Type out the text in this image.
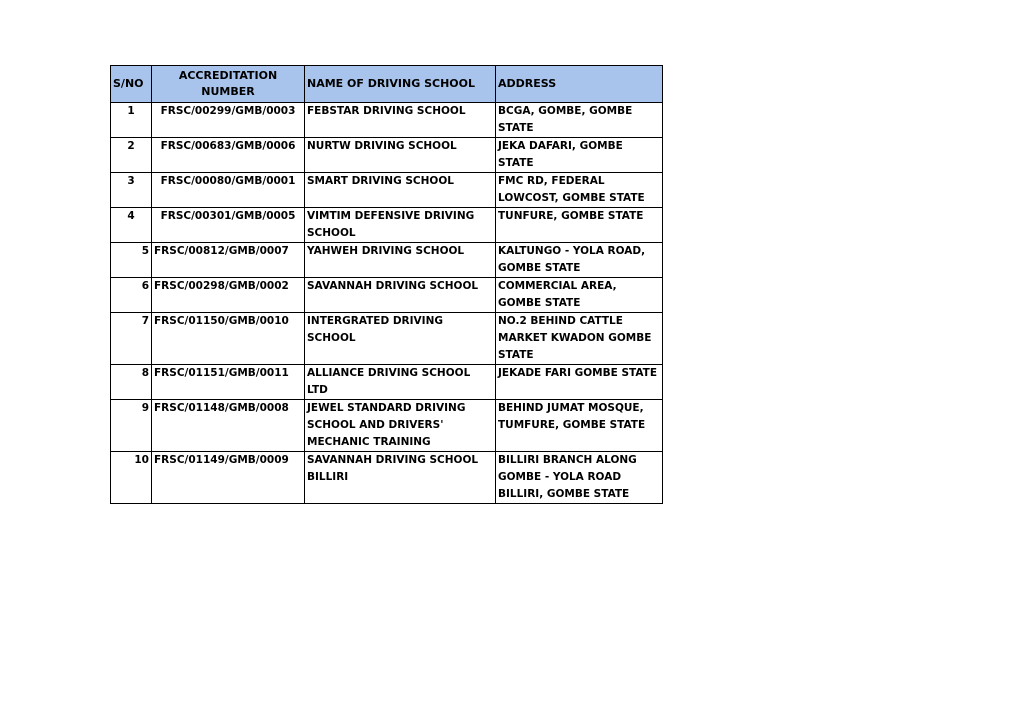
S/NO	ACCREDITATION NUMBER	NAME OF DRIVING SCHOOL	ADDRESS
1	FRSC/00299/GMB/0003	FEBSTAR DRIVING SCHOOL	BCGA, GOMBE, GOMBE STATE
2	FRSC/00683/GMB/0006	NURTW DRIVING SCHOOL	JEKA DAFARI, GOMBE STATE
3	FRSC/00080/GMB/0001	SMART DRIVING SCHOOL	FMC RD, FEDERAL LOWCOST, GOMBE STATE
4	FRSC/00301/GMB/0005	VIMTIM DEFENSIVE DRIVING SCHOOL	TUNFURE, GOMBE STATE
5	FRSC/00812/GMB/0007	YAHWEH DRIVING SCHOOL	KALTUNGO - YOLA ROAD, GOMBE STATE
6	FRSC/00298/GMB/0002	SAVANNAH DRIVING SCHOOL	COMMERCIAL AREA, GOMBE STATE
7	FRSC/01150/GMB/0010	INTERGRATED DRIVING SCHOOL	NO.2 BEHIND CATTLE MARKET KWADON GOMBE STATE
8	FRSC/01151/GMB/0011	ALLIANCE DRIVING SCHOOL LTD	JEKADE FARI GOMBE STATE
9	FRSC/01148/GMB/0008	JEWEL STANDARD DRIVING SCHOOL AND DRIVERS' MECHANIC TRAINING	BEHIND JUMAT MOSQUE, TUMFURE, GOMBE STATE
10	FRSC/01149/GMB/0009	SAVANNAH DRIVING SCHOOL BILLIRI	BILLIRI BRANCH ALONG GOMBE - YOLA ROAD BILLIRI, GOMBE STATE
